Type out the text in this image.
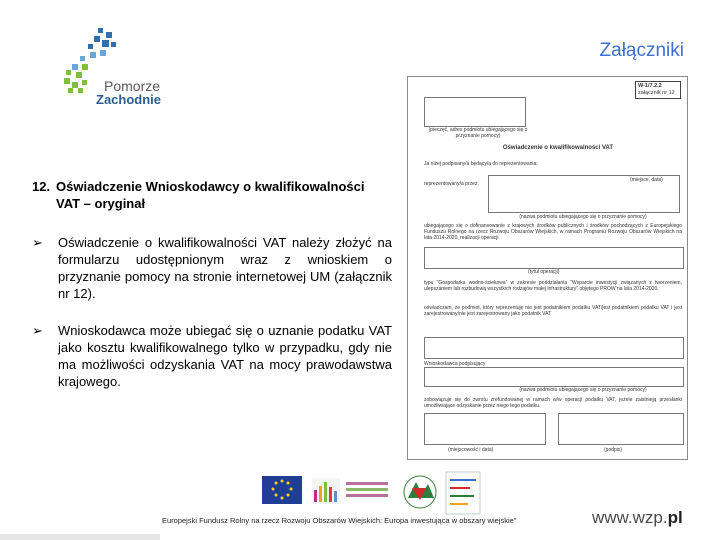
Pomorze
Zachodnie
Załączniki
12. Oświadczenie Wnioskodawcy o kwalifikowalności VAT – oryginał
➢	Oświadczenie o kwalifikowalności VAT należy złożyć na formularzu udostępnionym wraz z wnioskiem o przyznanie pomocy na stronie internetowej UM (załącznik nr 12).
➢	Wnioskodawca może ubiegać się o uznanie podatku VAT jako kosztu kwalifikowalnego tylko w przypadku, gdy nie ma możliwości odzyskania VAT na mocy prawodawstwa krajowego.
W-1/7.2.2
załącznik nr 12
(pieczęć, adres podmiotu ubiegającego się o przyznanie pomocy)
Oświadczenie o kwalifikowalności VAT
Ja niżej podpisany/a będący/a do reprezentowania:
(miejsce, data)
reprezentowany/a przez:
(nazwa podmiotu ubiegającego się o przyznanie pomocy)
ubiegającego się o dofinansowanie z krajowych środków publicznych i środków pochodzących z Europejskiego Funduszu Rolnego na rzecz Rozwoju Obszarów Wiejskich, w ramach Programu Rozwoju Obszarów Wiejskich na lata 2014-2020, realizacji operacji
(tytuł operacji)
typu "Gospodarka wodno-ściekowa" w zakresie poddziałania "Wsparcie inwestycji związanych z tworzeniem, ulepszaniem lub rozbudową wszystkich rodzajów małej infrastruktury" objętego PROW na lata 2014-2020,
oświadczam, że podmiot, który reprezentuję nie jest podatnikiem podatku VAT/jest podatnikiem podatku VAT i jest zarejestrowany/nie jest zarejestrowany jako podatnik VAT
Wnioskodawca podpisujący
(nazwa podmiotu ubiegającego się o przyznanie pomocy)
zobowiązuje się do zwrotu zrefundowanej w ramach w/w operacji podatku VAT, jeżele zaistnieją przesłanki umożliwiające odzyskanie przez niego tego podatku.
(miejscowość i data)	(podpis)
Europejski Fundusz Rolny na rzecz Rozwoju Obszarów Wiejskich: Europa inwestująca w obszary wiejskie"	www.wzp.pl
